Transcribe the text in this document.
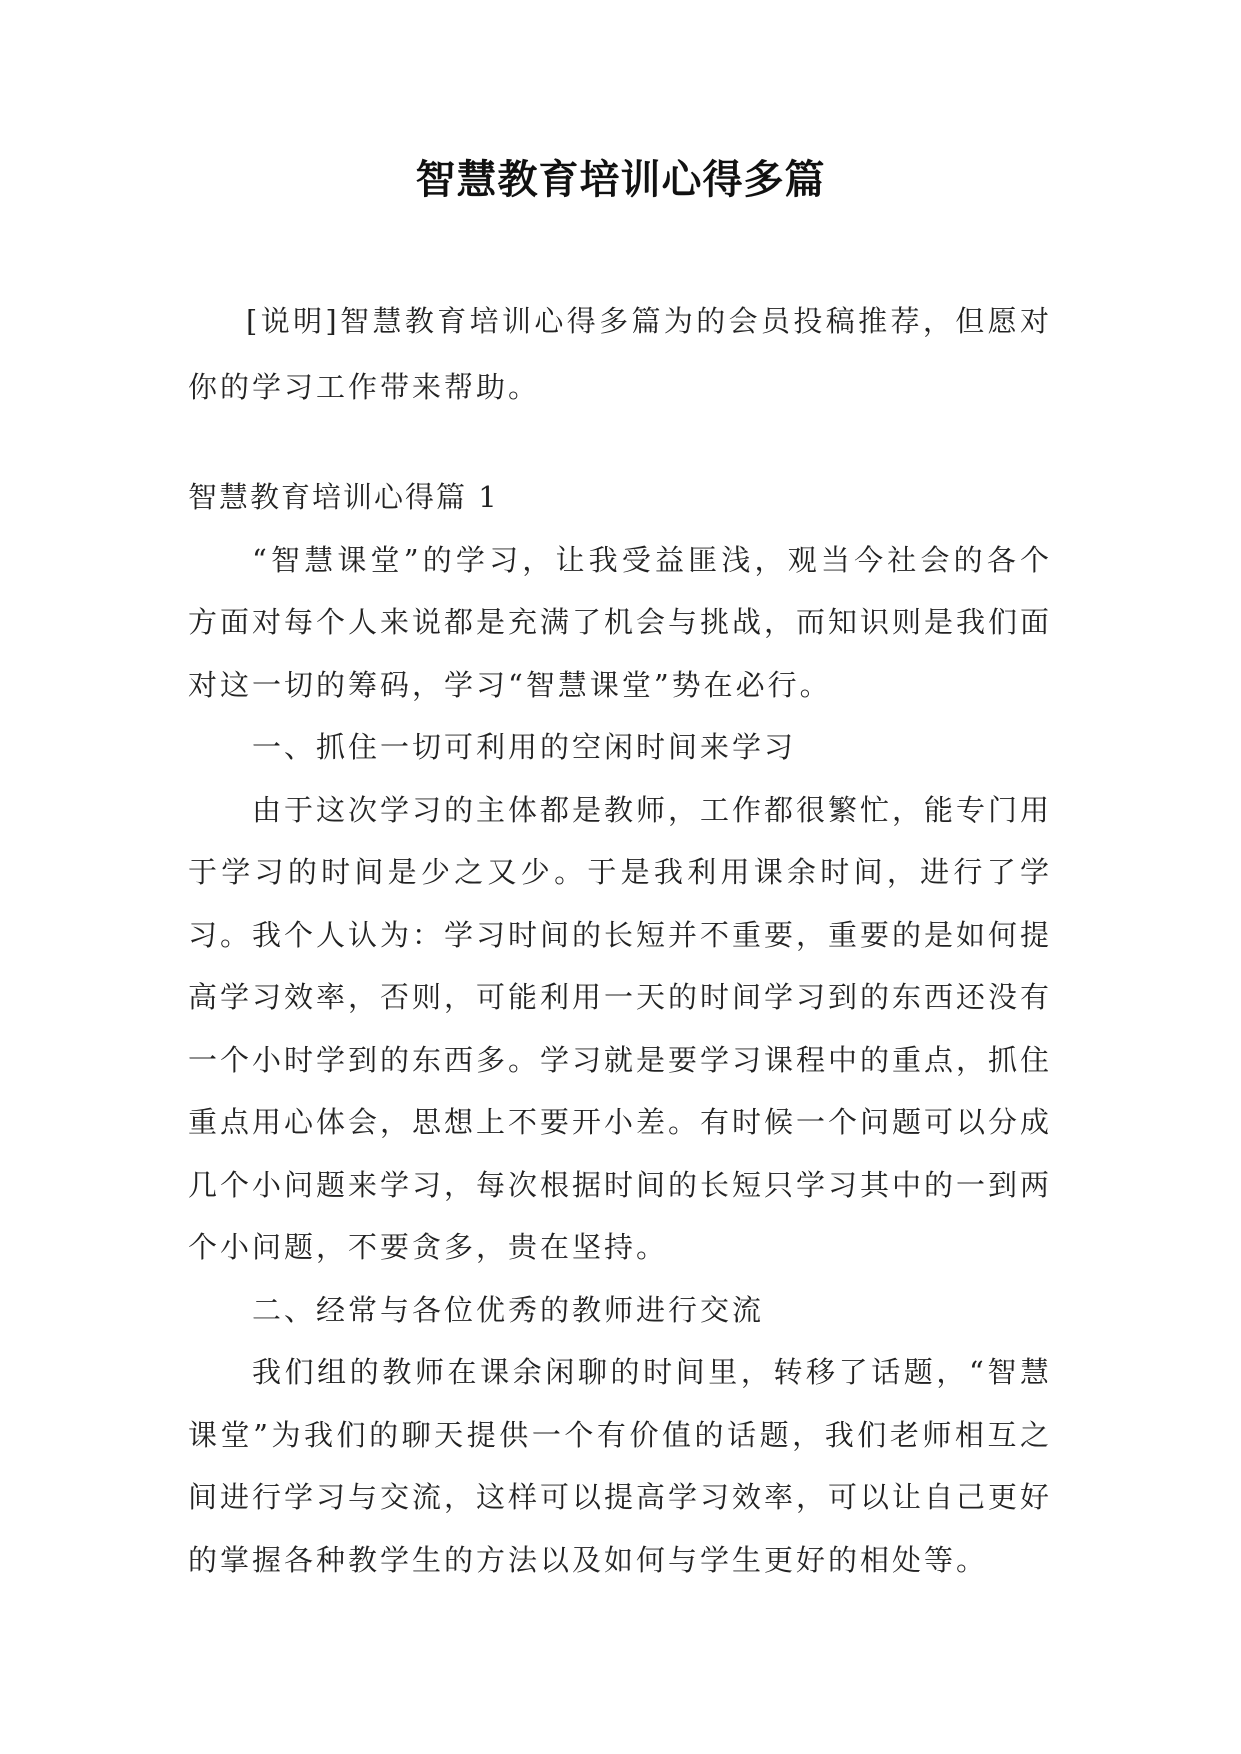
智慧教育培训心得多篇

[说明]智慧教育培训心得多篇为的会员投稿推荐，但愿对你的学习工作带来帮助。

智慧教育培训心得篇 1

“智慧课堂”的学习，让我受益匪浅，观当今社会的各个方面对每个人来说都是充满了机会与挑战，而知识则是我们面对这一切的筹码，学习“智慧课堂”势在必行。

一、抓住一切可利用的空闲时间来学习

由于这次学习的主体都是教师，工作都很繁忙，能专门用于学习的时间是少之又少。于是我利用课余时间，进行了学习。我个人认为：学习时间的长短并不重要，重要的是如何提高学习效率，否则，可能利用一天的时间学习到的东西还没有一个小时学到的东西多。学习就是要学习课程中的重点，抓住重点用心体会，思想上不要开小差。有时候一个问题可以分成几个小问题来学习，每次根据时间的长短只学习其中的一到两个小问题，不要贪多，贵在坚持。

二、经常与各位优秀的教师进行交流

我们组的教师在课余闲聊的时间里，转移了话题，“智慧课堂”为我们的聊天提供一个有价值的话题，我们老师相互之间进行学习与交流，这样可以提高学习效率，可以让自己更好的掌握各种教学生的方法以及如何与学生更好的相处等。
